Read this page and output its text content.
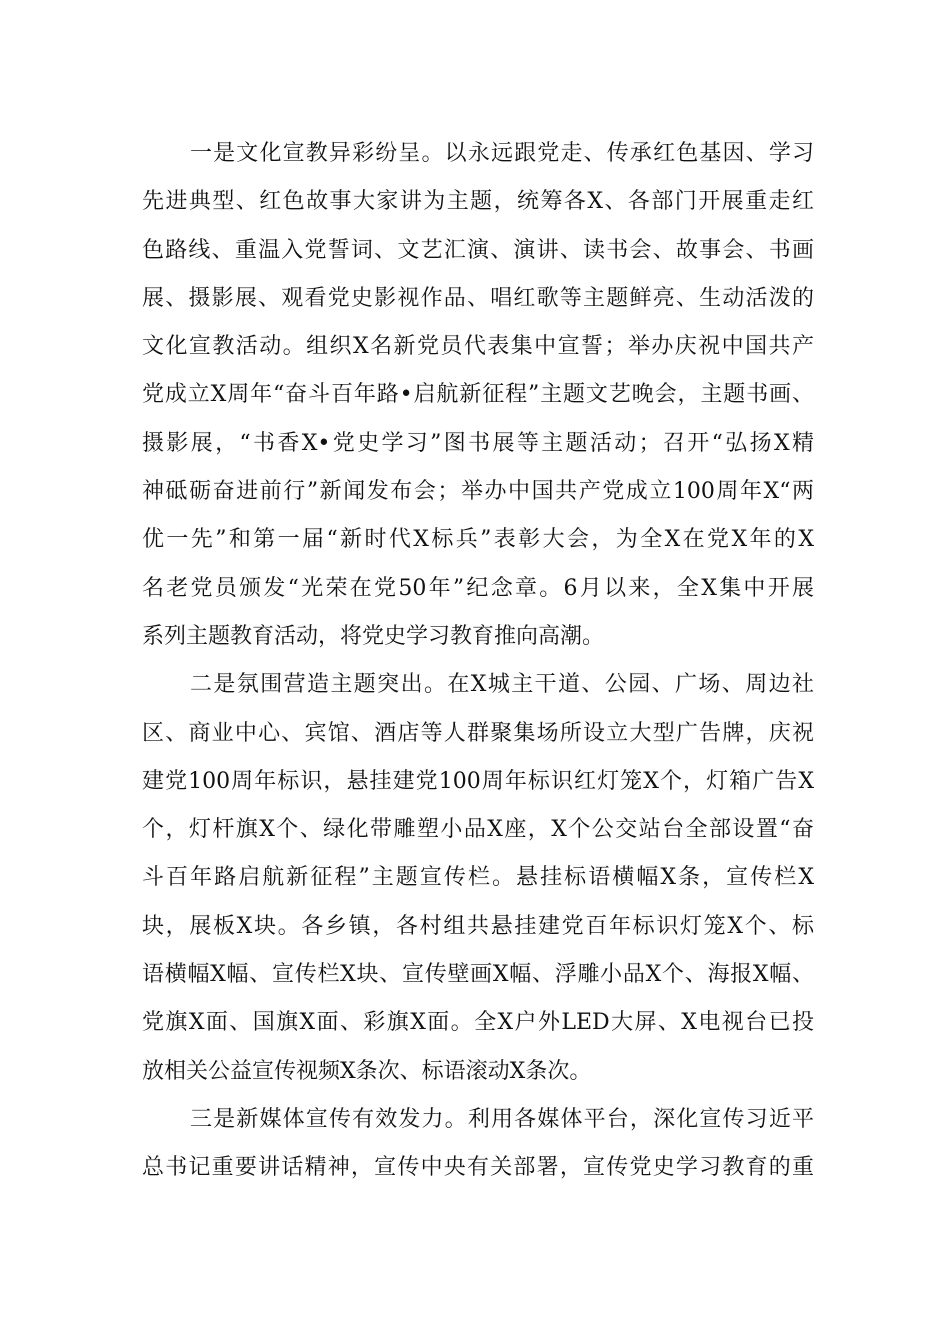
一是文化宣教异彩纷呈。以永远跟党走、传承红色基因、学习
先进典型、红色故事大家讲为主题，统筹各X、各部门开展重走红
色路线、重温入党誓词、文艺汇演、演讲、读书会、故事会、书画
展、摄影展、观看党史影视作品、唱红歌等主题鲜亮、生动活泼的
文化宣教活动。组织X名新党员代表集中宣誓；举办庆祝中国共产
党成立X周年“奋斗百年路•启航新征程”主题文艺晚会，主题书画、
摄影展，“书香X•党史学习”图书展等主题活动；召开“弘扬X精
神砥砺奋进前行”新闻发布会；举办中国共产党成立100周年X“两
优一先”和第一届“新时代X标兵”表彰大会，为全X在党X年的X
名老党员颁发“光荣在党50年”纪念章。6月以来，全X集中开展
系列主题教育活动，将党史学习教育推向高潮。
二是氛围营造主题突出。在X城主干道、公园、广场、周边社
区、商业中心、宾馆、酒店等人群聚集场所设立大型广告牌，庆祝
建党100周年标识，悬挂建党100周年标识红灯笼X个，灯箱广告X
个，灯杆旗X个、绿化带雕塑小品X座，X个公交站台全部设置“奋
斗百年路启航新征程”主题宣传栏。悬挂标语横幅X条，宣传栏X
块，展板X块。各乡镇，各村组共悬挂建党百年标识灯笼X个、标
语横幅X幅、宣传栏X块、宣传壁画X幅、浮雕小品X个、海报X幅、
党旗X面、国旗X面、彩旗X面。全X户外LED大屏、X电视台已投
放相关公益宣传视频X条次、标语滚动X条次。
三是新媒体宣传有效发力。利用各媒体平台，深化宣传习近平
总书记重要讲话精神，宣传中央有关部署，宣传党史学习教育的重
